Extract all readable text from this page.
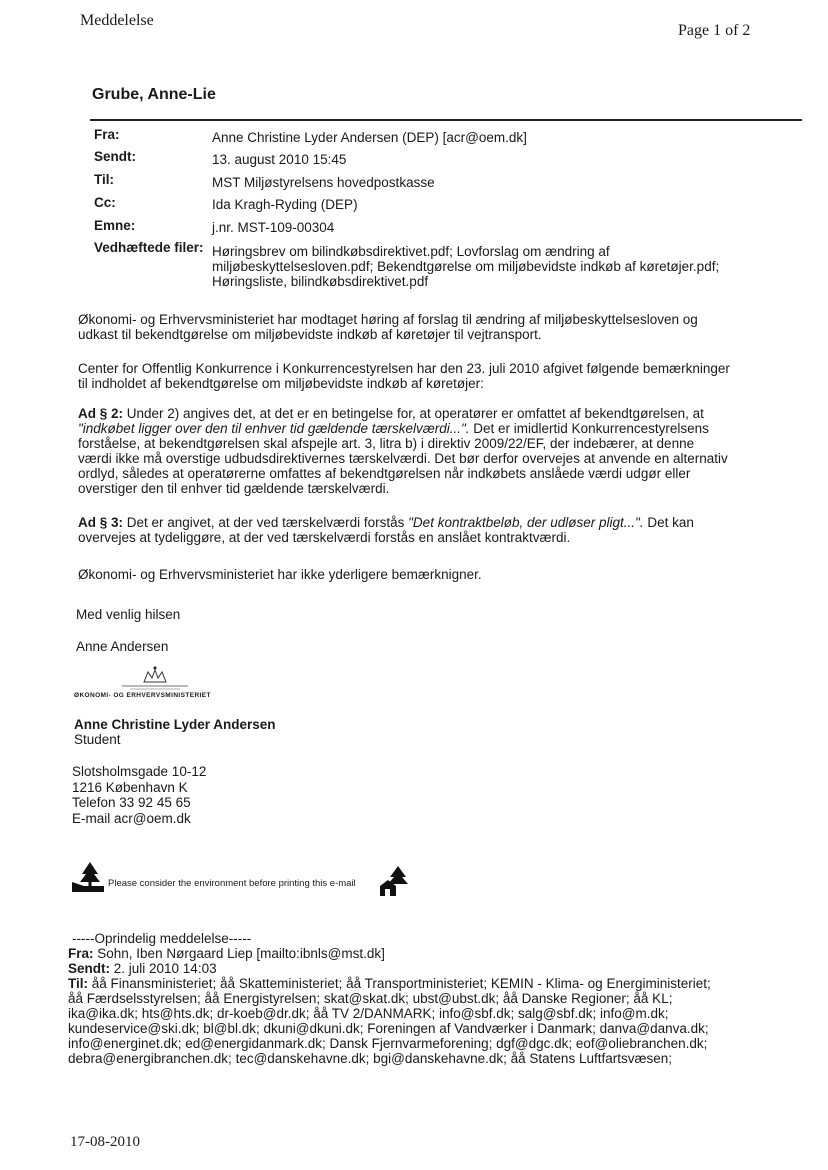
Meddelelse
Page 1 of 2
Grube, Anne-Lie
Fra:	Anne Christine Lyder Andersen (DEP) [acr@oem.dk]
Sendt:	13. august 2010 15:45
Til:	MST Miljøstyrelsens hovedpostkasse
Cc:	Ida Kragh-Ryding (DEP)
Emne:	j.nr. MST-109-00304
Vedhæftede filer: Høringsbrev om bilindkøbsdirektivet.pdf; Lovforslag om ændring af
miljøbeskyttelsesloven.pdf; Bekendtgørelse om miljøbevidste indkøb af køretøjer.pdf;
Høringsliste, bilindkøbsdirektivet.pdf

Økonomi- og Erhvervsministeriet har modtaget høring af forslag til ændring af miljøbeskyttelsesloven og

udkast til bekendtgørelse om miljøbevidste indkøb af køretøjer til vejtransport.

Center for Offentlig Konkurrence i Konkurrencestyrelsen har den 23. juli 2010 afgivet følgende bemærkninger

til indholdet af bekendtgørelse om miljøbevidste indkøb af køretøjer:

Ad § 2: Under 2) angives det, at det er en betingelse for, at operatører er omfattet af bekendtgørelsen, at

"indkøbet ligger over den til enhver tid gældende tærskelværdi...". Det er imidlertid Konkurrencestyrelsens

forståelse, at bekendtgørelsen skal afspejle art. 3, litra b) i direktiv 2009/22/EF, der indebærer, at denne

værdi ikke må overstige udbudsdirektivernes tærskelværdi. Det bør derfor overvejes at anvende en alternativ

ordlyd, således at operatørerne omfattes af bekendtgørelsen når indkøbets anslåede værdi udgør eller

overstiger den til enhver tid gældende tærskelværdi.

Ad § 3: Det er angivet, at der ved tærskelværdi forstås "Det kontraktbeløb, der udløser pligt...". Det kan

overvejes at tydeliggøre, at der ved tærskelværdi forstås en anslået kontraktværdi.

Økonomi- og Erhvervsministeriet har ikke yderligere bemærknigner.

Med venlig hilsen
Anne Andersen
ØKONOMI- OG ERHVERVSMINISTERIET
Anne Christine Lyder Andersen
Student
Slotsholmsgade 10-12
1216 København K
Telefon 33 92 45 65
E-mail acr@oem.dk
Please consider the environment before printing this e-mail
-----Oprindelig meddelelse-----
Fra: Sohn, Iben Nørgaard Liep [mailto:ibnls@mst.dk]
Sendt: 2. juli 2010 14:03
Til: åå Finansministeriet; åå Skatteministeriet; åå Transportministeriet; KEMIN - Klima- og Energiministeriet;
åå Færdselsstyrelsen; åå Energistyrelsen; skat@skat.dk; ubst@ubst.dk; åå Danske Regioner; åå KL;
ika@ika.dk; hts@hts.dk; dr-koeb@dr.dk; åå TV 2/DANMARK; info@sbf.dk; salg@sbf.dk; info@m.dk;
kundeservice@ski.dk; bl@bl.dk; dkuni@dkuni.dk; Foreningen af Vandværker i Danmark; danva@danva.dk;
info@energinet.dk; ed@energidanmark.dk; Dansk Fjernvarmeforening; dgf@dgc.dk; eof@oliebranchen.dk;
debra@energibranchen.dk; tec@danskehavne.dk; bgi@danskehavne.dk; åå Statens Luftfartsvæsen;
17-08-2010
